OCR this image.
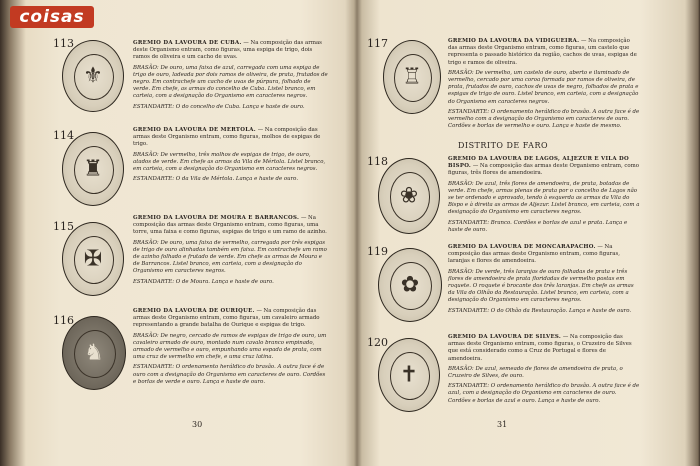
coisas
113
⚜

GREMIO DA LAVOURA DE CUBA. — Na composição das armas deste Organismo entram, como figuras, uma espiga de trigo, dois ramos de oliveira e um cacho de uvas.

BRASÃO: De ouro, uma faixa de azul, carregada com uma espiga de trigo de ouro, ladeada por dois ramos de oliveira, de prata, frutados de negro. Em contrachefe um cacho de uvas de púrpura, folhado de verde. Em chefe, as armas do concelho de Cuba. Listel branco, em carteia, com a designação do Organismo em caracteres negros.

ESTANDARTE: O do concelho de Cuba. Lança e haste de ouro.

114
♜

GREMIO DA LAVOURA DE MERTOLA. — Na composição das armas deste Organismo entram, como figuras, molhos de espigas de trigo.

BRASÃO: De vermelho, três molhos de espigas de trigo, de ouro, atados de verde. Em chefe as armas da Vila de Mértola. Listel branco, em carteia, com a designação do Organismo em caracteres negros.

ESTANDARTE: O da Vila de Mértola. Lança e haste de ouro.

115
✠

GREMIO DA LAVOURA DE MOURA E BARRANCOS. — Na composição das armas deste Organismo entram, como figuras, uma torre, uma faixa e como figuras, espigas de trigo e um ramo de azinho.

BRASÃO: De ouro, uma faixa de vermelho, carregada por três espigas de trigo de ouro alinhadas também em faixa. Em contrachefe um ramo de azinho folhado e frutado de verde. Em chefe as armas de Moura e de Barrancos. Listel branco, em carteia, com a designação do Organismo em caracteres negros.

ESTANDARTE: O de Moura. Lança e haste de ouro.

116
♞

GREMIO DA LAVOURA DE OURIQUE. — Na composição das armas deste Organismo entram, como figuras, um cavaleiro armado representando a grande batalha de Ourique e espigas de trigo.

BRASÃO: De negro, cercado de ramos de espigas de trigo de ouro, um cavaleiro armado de ouro, montado num cavalo branco empinado, armado de vermelho e ouro, empunhando uma espada de prata, com uma cruz de vermelho em chefe, e uma cruz latina.

ESTANDARTE: O ordenamento heráldico do brasão. A outra face é de ouro com a designação do Organismo em caracteres de ouro. Cordões e borlas de verde e ouro. Lança e haste de ouro.

30
117
♖

GREMIO DA LAVOURA DA VIDIGUEIRA. — Na composição das armas deste Organismo entram, como figuras, um castelo que representa o passado histórico da região, cachos de uvas, espigas de trigo e ramos de oliveira.

BRASÃO: De vermelho, um castelo de ouro, aberto e iluminado de vermelho, cercado por uma coroa formada por ramos de oliveira, de prata, frutados de ouro, cachos de uvas de negro, folhados de prata e espigas de trigo de ouro. Listel branco, em carteia, com a designação do Organismo em caracteres negros.

ESTANDARTE: O ordenamento heráldico do brasão. A outra face é de vermelho com a designação do Organismo em caracteres de ouro. Cordões e borlas de vermelho e ouro. Lança e haste de mesmo.

DISTRITO DE FARO
118
❀

GREMIO DA LAVOURA DE LAGOS, ALJEZUR E VILA DO BISPO. — Na composição das armas deste Organismo entram, como figuras, três flores de amendoeira.

BRASÃO: De azul, três flores de amendoeira, de prata, botadas de verde. Em chefe, armas plenas de prata por o concelho de Lagos não se ter ordenado e aprovado, tendo à esquerda as armas da Vila do Bispo e à direita as armas de Aljezur. Listel branco, em carteia, com a designação do Organismo em caracteres negros.

ESTANDARTE: Branco. Cordões e borlas de azul e prata. Lança e haste de ouro.

119
✿

GREMIO DA LAVOURA DE MONCARAPACHO. — Na composição das armas deste Organismo entram, como figuras, laranjas e flores de amendoeira.

BRASÃO: De verde, três laranjas de ouro folhadas de prata e três flores de amendoeira de prata floridadas de vermelho postas em roquete. O roquete é brocante dos três laranjas. Em chefe as armas da Vila do Olhão da Restauração. Listel branco, em carteia, com a designação do Organismo em caracteres negros.

ESTANDARTE: O do Olhão da Restauração. Lança e haste de ouro.

120
✝

GREMIO DA LAVOURA DE SILVES. — Na composição das armas deste Organismo entram, como figuras, o Cruzeiro de Silves que está considerado como a Cruz de Portugal e flores de amendoeira.

BRASÃO: De azul, semeado de flores de amendoeira de prata, o Cruzeiro de Silves, de ouro.

ESTANDARTE: O ordenamento heráldico do brasão. A outra face é de azul, com a designação do Organismo em caracteres de ouro. Cordões e borlas de azul e ouro. Lança e haste de ouro.

31
